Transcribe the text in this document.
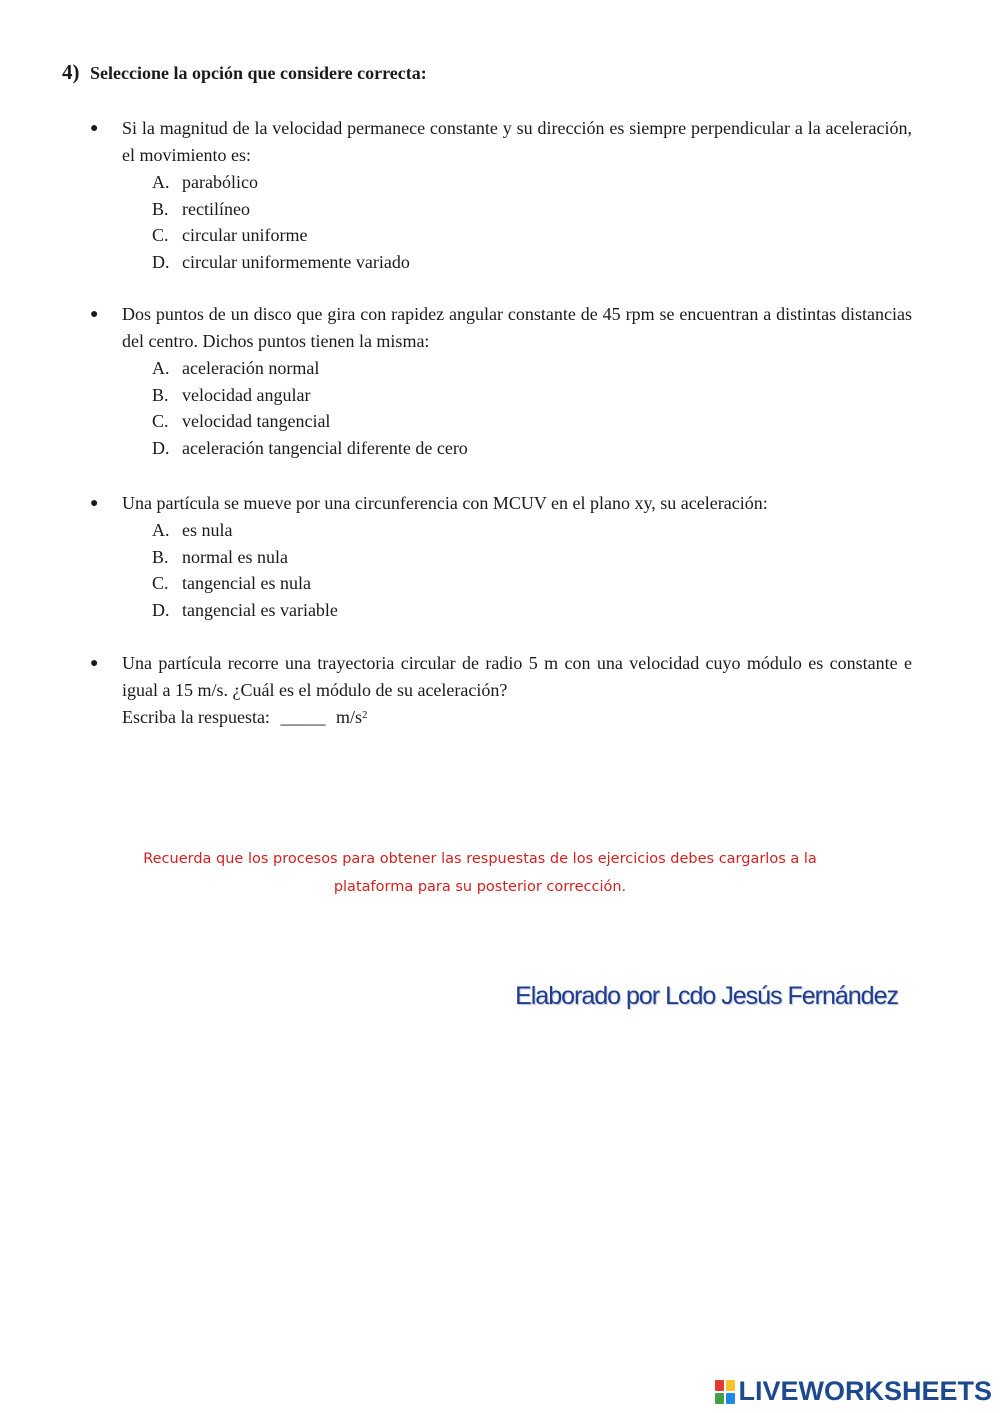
4) Seleccione la opción que considere correcta:
●	Si la magnitud de la velocidad permanece constante y su dirección es siempre perpendicular a la aceleración, el movimiento es:
A. parabólico
B. rectilíneo
C. circular uniforme
D. circular uniformemente variado
●	Dos puntos de un disco que gira con rapidez angular constante de 45 rpm se encuentran a distintas distancias del centro. Dichos puntos tienen la misma:
A. aceleración normal
B. velocidad angular
C. velocidad tangencial
D. aceleración tangencial diferente de cero
●	Una partícula se mueve por una circunferencia con MCUV en el plano xy, su aceleración:
A. es nula
B. normal es nula
C. tangencial es nula
D. tangencial es variable
●	Una partícula recorre una trayectoria circular de radio 5 m con una velocidad cuyo módulo es constante e igual a 15 m/s. ¿Cuál es el módulo de su aceleración?
Escriba la respuesta: _____ $m/s^2$
Recuerda que los procesos para obtener las respuestas de los ejercicios debes cargarlos a la
plataforma para su posterior corrección.
Elaborado por Lcdo Jesús Fernández
LIVEWORKSHEETS
